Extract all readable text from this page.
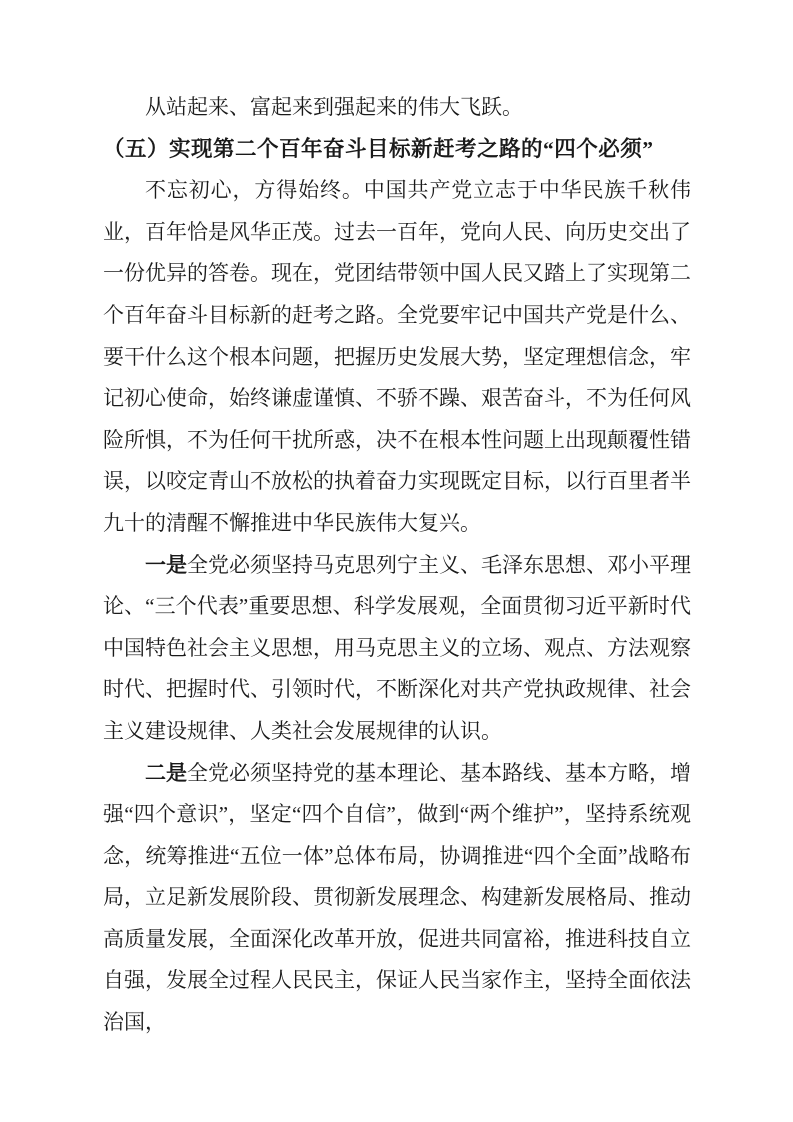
从站起来、富起来到强起来的伟大飞跃。

（五）实现第二个百年奋斗目标新赶考之路的“四个必须”

不忘初心，方得始终。中国共产党立志于中华民族千秋伟业，百年恰是风华正茂。过去一百年，党向人民、向历史交出了一份优异的答卷。现在，党团结带领中国人民又踏上了实现第二个百年奋斗目标新的赶考之路。全党要牢记中国共产党是什么、要干什么这个根本问题，把握历史发展大势，坚定理想信念，牢记初心使命，始终谦虚谨慎、不骄不躁、艰苦奋斗，不为任何风险所惧，不为任何干扰所惑，决不在根本性问题上出现颠覆性错误，以咬定青山不放松的执着奋力实现既定目标，以行百里者半九十的清醒不懈推进中华民族伟大复兴。

一是全党必须坚持马克思列宁主义、毛泽东思想、邓小平理论、“三个代表”重要思想、科学发展观，全面贯彻习近平新时代中国特色社会主义思想，用马克思主义的立场、观点、方法观察时代、把握时代、引领时代，不断深化对共产党执政规律、社会主义建设规律、人类社会发展规律的认识。

二是全党必须坚持党的基本理论、基本路线、基本方略，增强“四个意识”，坚定“四个自信”，做到“两个维护”，坚持系统观念，统筹推进“五位一体”总体布局，协调推进“四个全面”战略布局，立足新发展阶段、贯彻新发展理念、构建新发展格局、推动高质量发展，全面深化改革开放，促进共同富裕，推进科技自立自强，发展全过程人民民主，保证人民当家作主，坚持全面依法治国，
